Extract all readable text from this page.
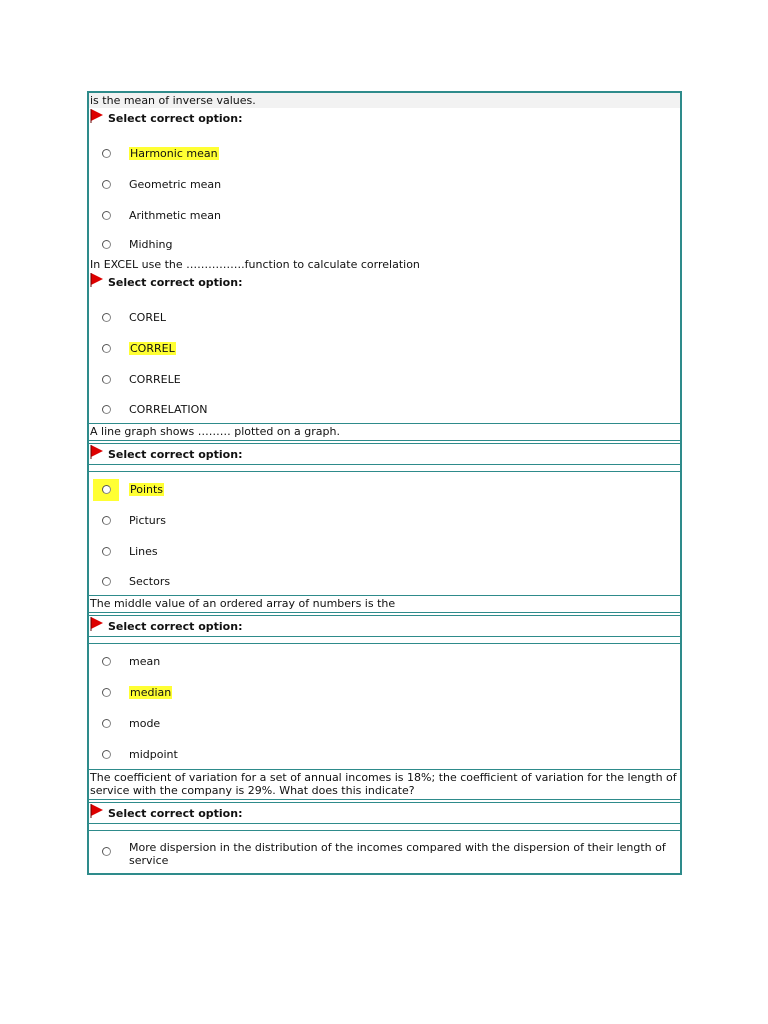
is the mean of inverse values.
Select correct option:
Harmonic mean
Geometric mean
Arithmetic mean
Midhing
In EXCEL use the …………….function to calculate correlation
Select correct option:
COREL
CORREL
CORRELE
CORRELATION
A line graph shows ……… plotted on a graph.
Select correct option:
Points
Picturs
Lines
Sectors
The middle value of an ordered array of numbers is the
Select correct option:
mean
median
mode
midpoint
The coefficient of variation for a set of annual incomes is 18%; the coefficient of variation for the length of service with the company is 29%. What does this indicate?
Select correct option:
More dispersion in the distribution of the incomes compared with the dispersion of their length of service
